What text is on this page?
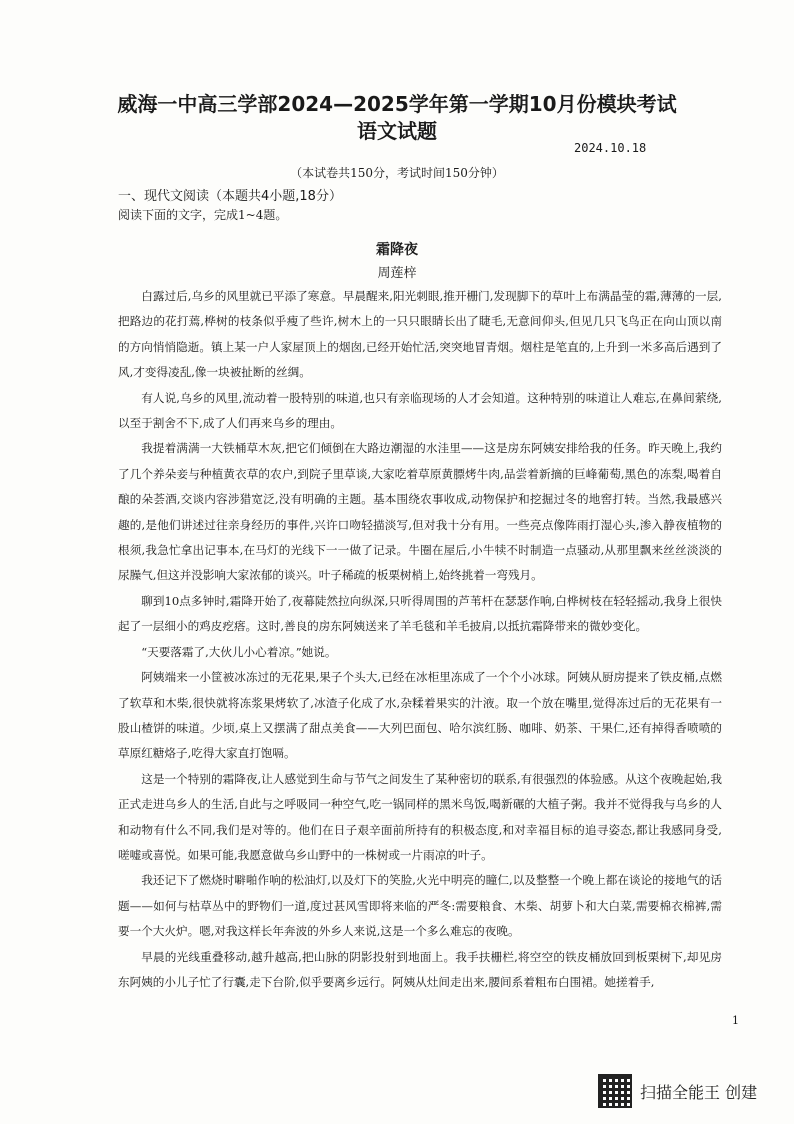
威海一中高三学部2024—2025学年第一学期10月份模块考试
语文试题
2024.10.18
（本试卷共150分，考试时间150分钟）
一、现代文阅读（本题共4小题,18分）
阅读下面的文字，完成1~4题。
霜降夜
周莲梓

白露过后,乌乡的风里就已平添了寒意。早晨醒来,阳光刺眼,推开栅门,发现脚下的草叶上布满晶莹的霜,薄薄的一层,把路边的花打蔫,桦树的枝条似乎瘦了些许,树木上的一只只眼睛长出了睫毛,无意间仰头,但见几只飞鸟正在向山顶以南的方向悄悄隐逝。镇上某一户人家屋顶上的烟囱,已经开始忙活,突突地冒青烟。烟柱是笔直的,上升到一米多高后遇到了风,才变得凌乱,像一块被扯断的丝绸。

有人说,乌乡的风里,流动着一股特别的味道,也只有亲临现场的人才会知道。这种特别的味道让人难忘,在鼻间萦绕,以至于割舍不下,成了人们再来乌乡的理由。

我提着满满一大铁桶草木灰,把它们倾倒在大路边潮湿的水洼里——这是房东阿姨安排给我的任务。昨天晚上,我约了几个养朵妾与种植黄衣草的农户,到院子里草谈,大家吃着草原黄膘烤牛肉,品尝着新摘的巨峰葡萄,黑色的冻梨,喝着自酿的朵荟酒,交谈内容涉猎宽泛,没有明确的主题。基本围绕农事收成,动物保护和挖掘过冬的地窖打转。当然,我最感兴趣的,是他们讲述过往亲身经历的事件,兴许口吻轻描淡写,但对我十分有用。一些亮点像阵雨打湿心头,渗入静夜植物的根须,我急忙拿出记事本,在马灯的光线下一一做了记录。牛圈在屋后,小牛犊不时制造一点骚动,从那里飘来丝丝淡淡的尿臊气,但这并没影响大家浓郁的谈兴。叶子稀疏的板栗树梢上,始终挑着一弯残月。

聊到10点多钟时,霜降开始了,夜幕陡然拉向纵深,只听得周围的芦苇杆在瑟瑟作响,白桦树枝在轻轻摇动,我身上很快起了一层细小的鸡皮疙瘩。这时,善良的房东阿姨送来了羊毛毯和羊毛披肩,以抵抗霜降带来的微妙变化。

“天要落霜了,大伙儿小心着凉。”她说。

阿姨端来一小筐被冰冻过的无花果,果子个头大,已经在冰柜里冻成了一个个小冰球。阿姨从厨房提来了铁皮桶,点燃了软草和木柴,很快就将冻浆果烤软了,冰渣子化成了水,杂糅着果实的汁液。取一个放在嘴里,觉得冻过后的无花果有一股山楂饼的味道。少顷,桌上又摆满了甜点美食——大列巴面包、哈尔滨红肠、咖啡、奶茶、干果仁,还有掉得香喷喷的草原红糖烙子,吃得大家直打饱嗝。

这是一个特别的霜降夜,让人感觉到生命与节气之间发生了某种密切的联系,有很强烈的体验感。从这个夜晚起始,我正式走进乌乡人的生活,自此与之呼吸同一种空气,吃一锅同样的黑米鸟饭,喝新碾的大植子粥。我并不觉得我与乌乡的人和动物有什么不同,我们是对等的。他们在日子艰辛面前所持有的积极态度,和对幸福目标的追寻姿态,都让我感同身受,嗟嘘或喜悦。如果可能,我愿意做乌乡山野中的一株树或一片雨凉的叶子。

我还记下了燃烧时噼啪作响的松油灯,以及灯下的笑脸,火光中明亮的瞳仁,以及整整一个晚上都在谈论的接地气的话题——如何与枯草丛中的野物们一道,度过甚风雪即将来临的严冬:需要粮食、木柴、胡萝卜和大白菜,需要棉衣棉裤,需要一个大火炉。嗯,对我这样长年奔波的外乡人来说,这是一个多么难忘的夜晚。

早晨的光线重叠移动,越升越高,把山脉的阴影投射到地面上。我手扶栅栏,将空空的铁皮桶放回到板栗树下,却见房东阿姨的小儿子忙了行囊,走下台阶,似乎要离乡远行。阿姨从灶间走出来,腰间系着粗布白围裙。她搓着手,

1
扫描全能王 创建
